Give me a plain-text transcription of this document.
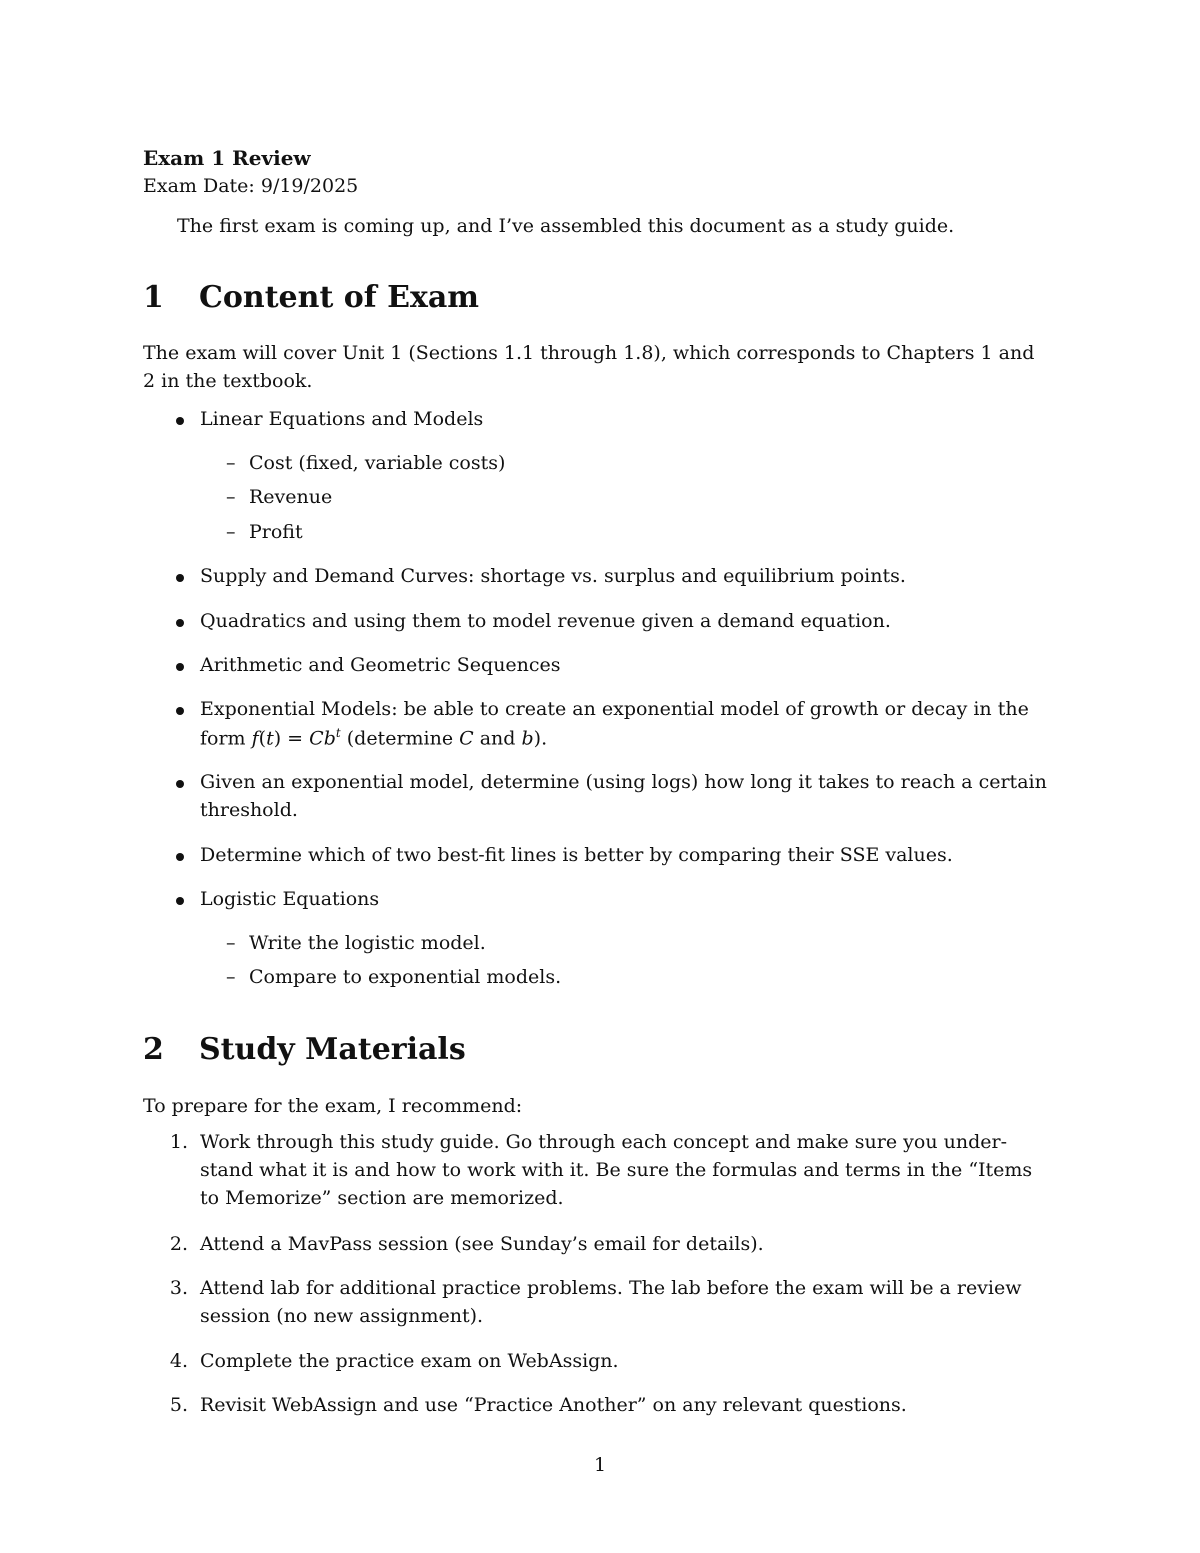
Exam 1 Review
Exam Date: 9/19/2025
The first exam is coming up, and I’ve assembled this document as a study guide.
1 Content of Exam
The exam will cover Unit 1 (Sections 1.1 through 1.8), which corresponds to Chapters 1 and
2 in the textbook.
Linear Equations and Models
– Cost (fixed, variable costs)
– Revenue
– Profit
Supply and Demand Curves: shortage vs. surplus and equilibrium points.
Quadratics and using them to model revenue given a demand equation.
Arithmetic and Geometric Sequences
Exponential Models: be able to create an exponential model of growth or decay in the
form $f(t) = Cb^t$ (determine C and b).
Given an exponential model, determine (using logs) how long it takes to reach a certain
threshold.
Determine which of two best-fit lines is better by comparing their SSE values.
Logistic Equations
– Write the logistic model.
– Compare to exponential models.
2 Study Materials
To prepare for the exam, I recommend:
1. Work through this study guide. Go through each concept and make sure you under-
stand what it is and how to work with it. Be sure the formulas and terms in the “Items
to Memorize” section are memorized.
2. Attend a MavPass session (see Sunday’s email for details).
3. Attend lab for additional practice problems. The lab before the exam will be a review
session (no new assignment).
4. Complete the practice exam on WebAssign.
5. Revisit WebAssign and use “Practice Another” on any relevant questions.
1
